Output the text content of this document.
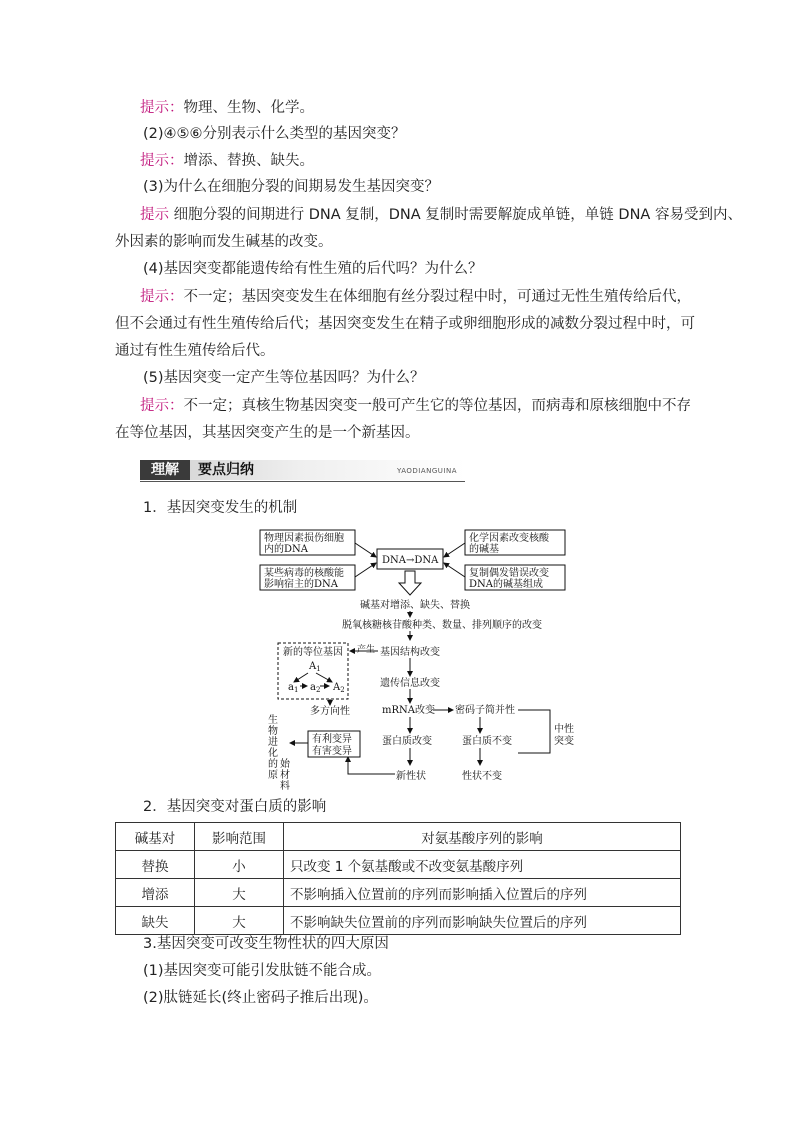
提示：物理、生物、化学。
(2)④⑤⑥分别表示什么类型的基因突变？
提示：增添、替换、缺失。
(3)为什么在细胞分裂的间期易发生基因突变？
提示 细胞分裂的间期进行 DNA 复制，DNA 复制时需要解旋成单链，单链 DNA 容易受到内、
外因素的影响而发生碱基的改变。
(4)基因突变都能遗传给有性生殖的后代吗？为什么？
提示：不一定；基因突变发生在体细胞有丝分裂过程中时，可通过无性生殖传给后代，
但不会通过有性生殖传给后代；基因突变发生在精子或卵细胞形成的减数分裂过程中时，可
通过有性生殖传给后代。
(5)基因突变一定产生等位基因吗？为什么？
提示：不一定；真核生物基因突变一般可产生它的等位基因，而病毒和原核细胞中不存
在等位基因，其基因突变产生的是一个新基因。
理解	要点归纳	YAODIANGUINA
1．基因突变发生的机制
物理因素损伤细胞
内的DNA
某些病毒的核酸能
影响宿主的DNA
DNA→DNA
化学因素改变核酸
的碱基
复制偶发错误改变
DNA的碱基组成
碱基对增添、缺失、替换
脱氧核糖核苷酸种类、数量、排列顺序的改变
新的等位基因
$A_1$
$a_1$ $a_2$ $A_2$
产生 基因结构改变
遗传信息改变
多方向性	mRNA改变 密码子简并性
蛋白质改变	蛋白质不变
中性
突变
生
物
进
化
的
原
始
材
料
有利变异
有害变异
新性状	性状不变
2．基因突变对蛋白质的影响
碱基对	影响范围	对氨基酸序列的影响
替换	小	只改变 1 个氨基酸或不改变氨基酸序列
增添	大	不影响插入位置前的序列而影响插入位置后的序列
缺失	大	不影响缺失位置前的序列而影响缺失位置后的序列
3.基因突变可改变生物性状的四大原因
(1)基因突变可能引发肽链不能合成。
(2)肽链延长(终止密码子推后出现)。
